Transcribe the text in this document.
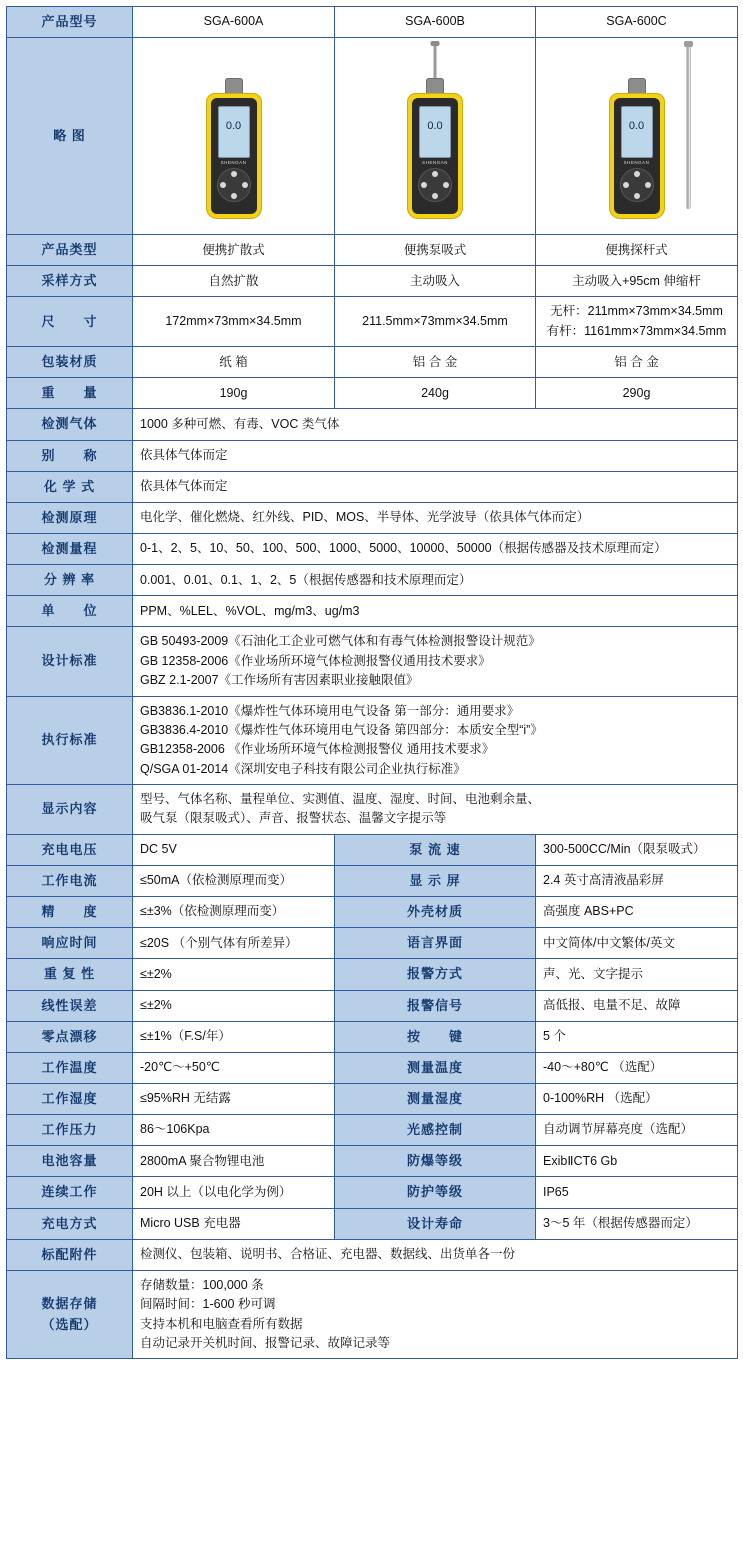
产品型号	SGA-600A	SGA-600B	SGA-600C
略 图	
0.0
SHENGAN

0.0
SHENGAN

0.0
SHENGAN

产品类型	便携扩散式	便携泵吸式	便携探杆式
采样方式	自然扩散	主动吸入	主动吸入+95cm 伸缩杆
尺　　寸	172mm×73mm×34.5mm	211.5mm×73mm×34.5mm	无杆：211mm×73mm×34.5mm
有杆：1161mm×73mm×34.5mm

包装材质	纸 箱	铝 合 金	铝 合 金
重　　量	190g	240g	290g
检测气体	1000 多种可燃、有毒、VOC 类气体		

别　　称	依具体气体而定		

化 学 式	依具体气体而定		

检测原理	电化学、催化燃烧、红外线、PID、MOS、半导体、光学波导（依具体气体而定）		

检测量程	0-1、2、5、10、50、100、500、1000、5000、10000、50000（根据传感器及技术原理而定）		

分 辨 率	0.001、0.01、0.1、1、2、5（根据传感器和技术原理而定）		

单　　位	PPM、%LEL、%VOL、mg/m3、ug/m3		

设计标准	GB 50493-2009《石油化工企业可燃气体和有毒气体检测报警设计规范》
GB 12358-2006《作业场所环境气体检测报警仪通用技术要求》
GBZ 2.1-2007《工作场所有害因素职业接触限值》		

执行标准	GB3836.1-2010《爆炸性气体环境用电气设备 第一部分：通用要求》
GB3836.4-2010《爆炸性气体环境用电气设备 第四部分：本质安全型“i”》
GB12358-2006 《作业场所环境气体检测报警仪 通用技术要求》
Q/SGA 01-2014《深圳安电子科技有限公司企业执行标准》		

显示内容	型号、气体名称、量程单位、实测值、温度、湿度、时间、电池剩余量、
吸气泵（限泵吸式）、声音、报警状态、温馨文字提示等		

充电电压	DC 5V	泵 流 速	300-500CC/Min（限泵吸式）
工作电流	≤50mA（依检测原理而变）	显 示 屏	2.4 英寸高清液晶彩屏
精　　度	≤±3%（依检测原理而变）	外壳材质	高强度 ABS+PC
响应时间	≤20S （个别气体有所差异）	语言界面	中文简体/中文繁体/英文
重 复 性	≤±2%	报警方式	声、光、文字提示
线性误差	≤±2%	报警信号	高低报、电量不足、故障
零点漂移	≤±1%（F.S/年）	按　　键	5 个
工作温度	-20℃～+50℃	测量温度	-40～+80℃ （选配）
工作湿度	≤95%RH 无结露	测量湿度	0-100%RH （选配）
工作压力	86～106Kpa	光感控制	自动调节屏幕亮度（选配）
电池容量	2800mA 聚合物锂电池	防爆等级	ExibⅡCT6 Gb
连续工作	20H 以上（以电化学为例）	防护等级	IP65
充电方式	Micro USB 充电器	设计寿命	3～5 年（根据传感器而定）
标配附件	检测仪、包装箱、说明书、合格证、充电器、数据线、出货单各一份		

数据存储
（选配）	存储数量：100,000 条
间隔时间：1-600 秒可调
支持本机和电脑查看所有数据
自动记录开关机时间、报警记录、故障记录等		
